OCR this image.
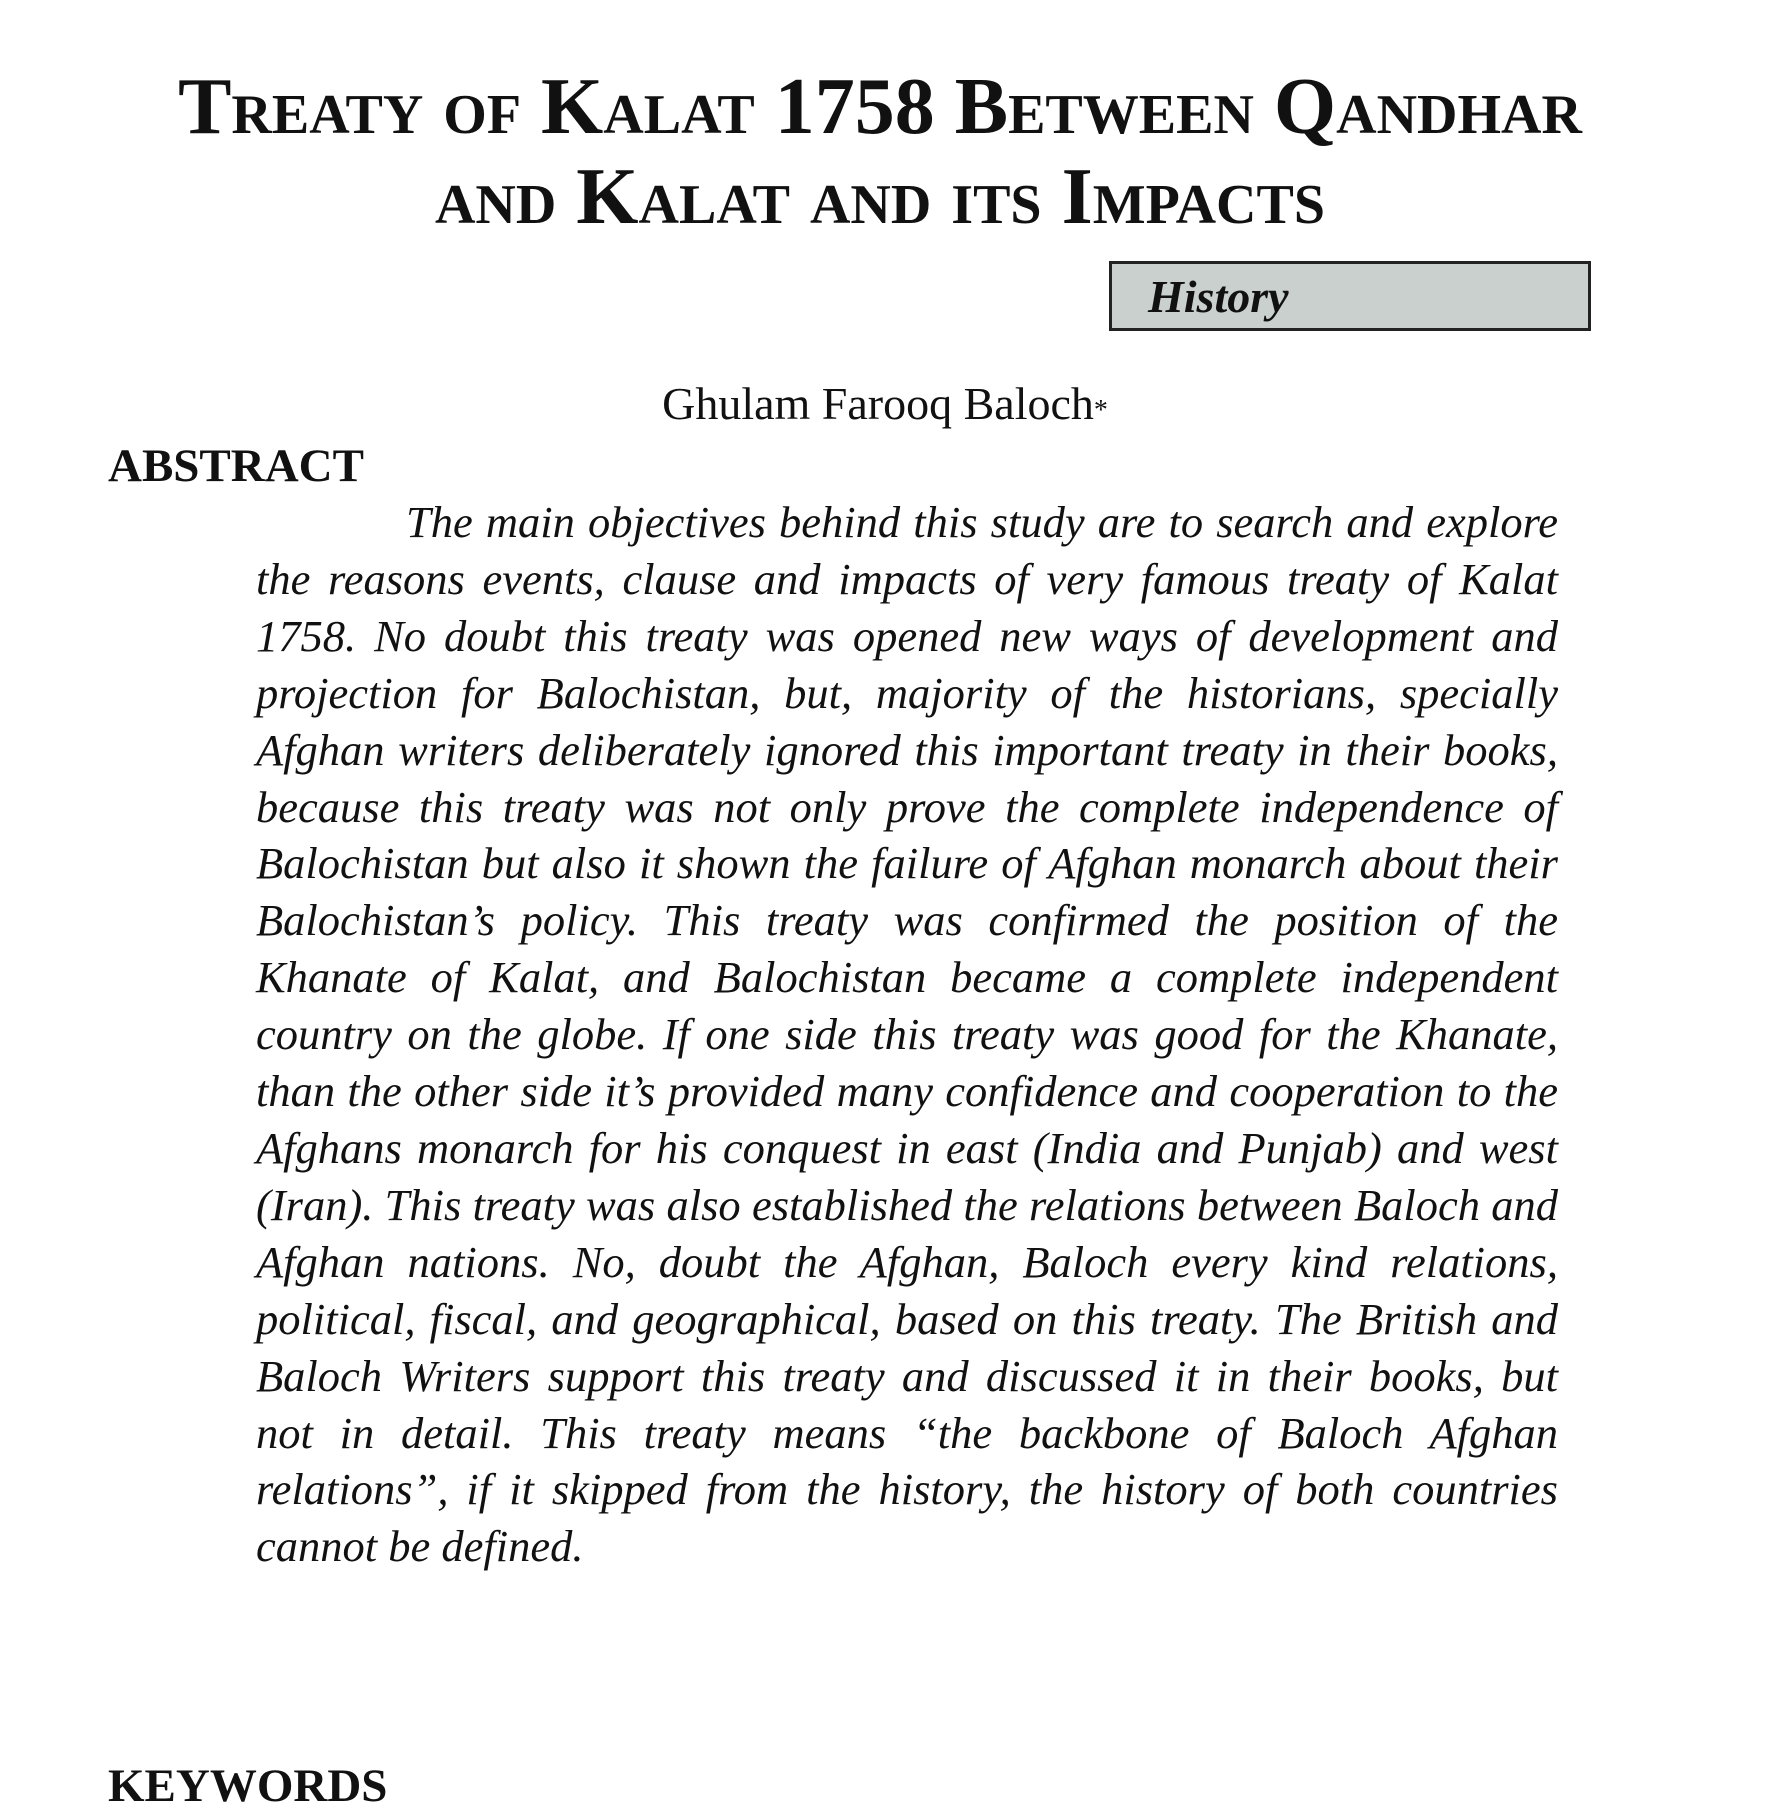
Treaty of Kalat 1758 Between Qandhar and Kalat and its Impacts
History
Ghulam Farooq Baloch*
ABSTRACT

The main objectives behind this study are to search and explore the reasons events, clause and impacts of very famous treaty of Kalat 1758. No doubt this treaty was opened new ways of development and projection for Balochistan, but, majority of the historians, specially Afghan writers deliberately ignored this important treaty in their books, because this treaty was not only prove the complete independence of Balochistan but also it shown the failure of Afghan monarch about their Balochistan’s policy. This treaty was confirmed the position of the Khanate of Kalat, and Balochistan became a complete independent country on the globe. If one side this treaty was good for the Khanate, than the other side it’s provided many confidence and cooperation to the Afghans monarch for his conquest in east (India and Punjab) and west (Iran). This treaty was also established the relations between Baloch and Afghan nations. No, doubt the Afghan, Baloch every kind relations, political, fiscal, and geographical, based on this treaty. The British and Baloch Writers support this treaty and discussed it in their books, but not in detail. This treaty means “the backbone of Baloch Afghan relations”, if it skipped from the history, the history of both countries cannot be defined.

KEYWORDS
